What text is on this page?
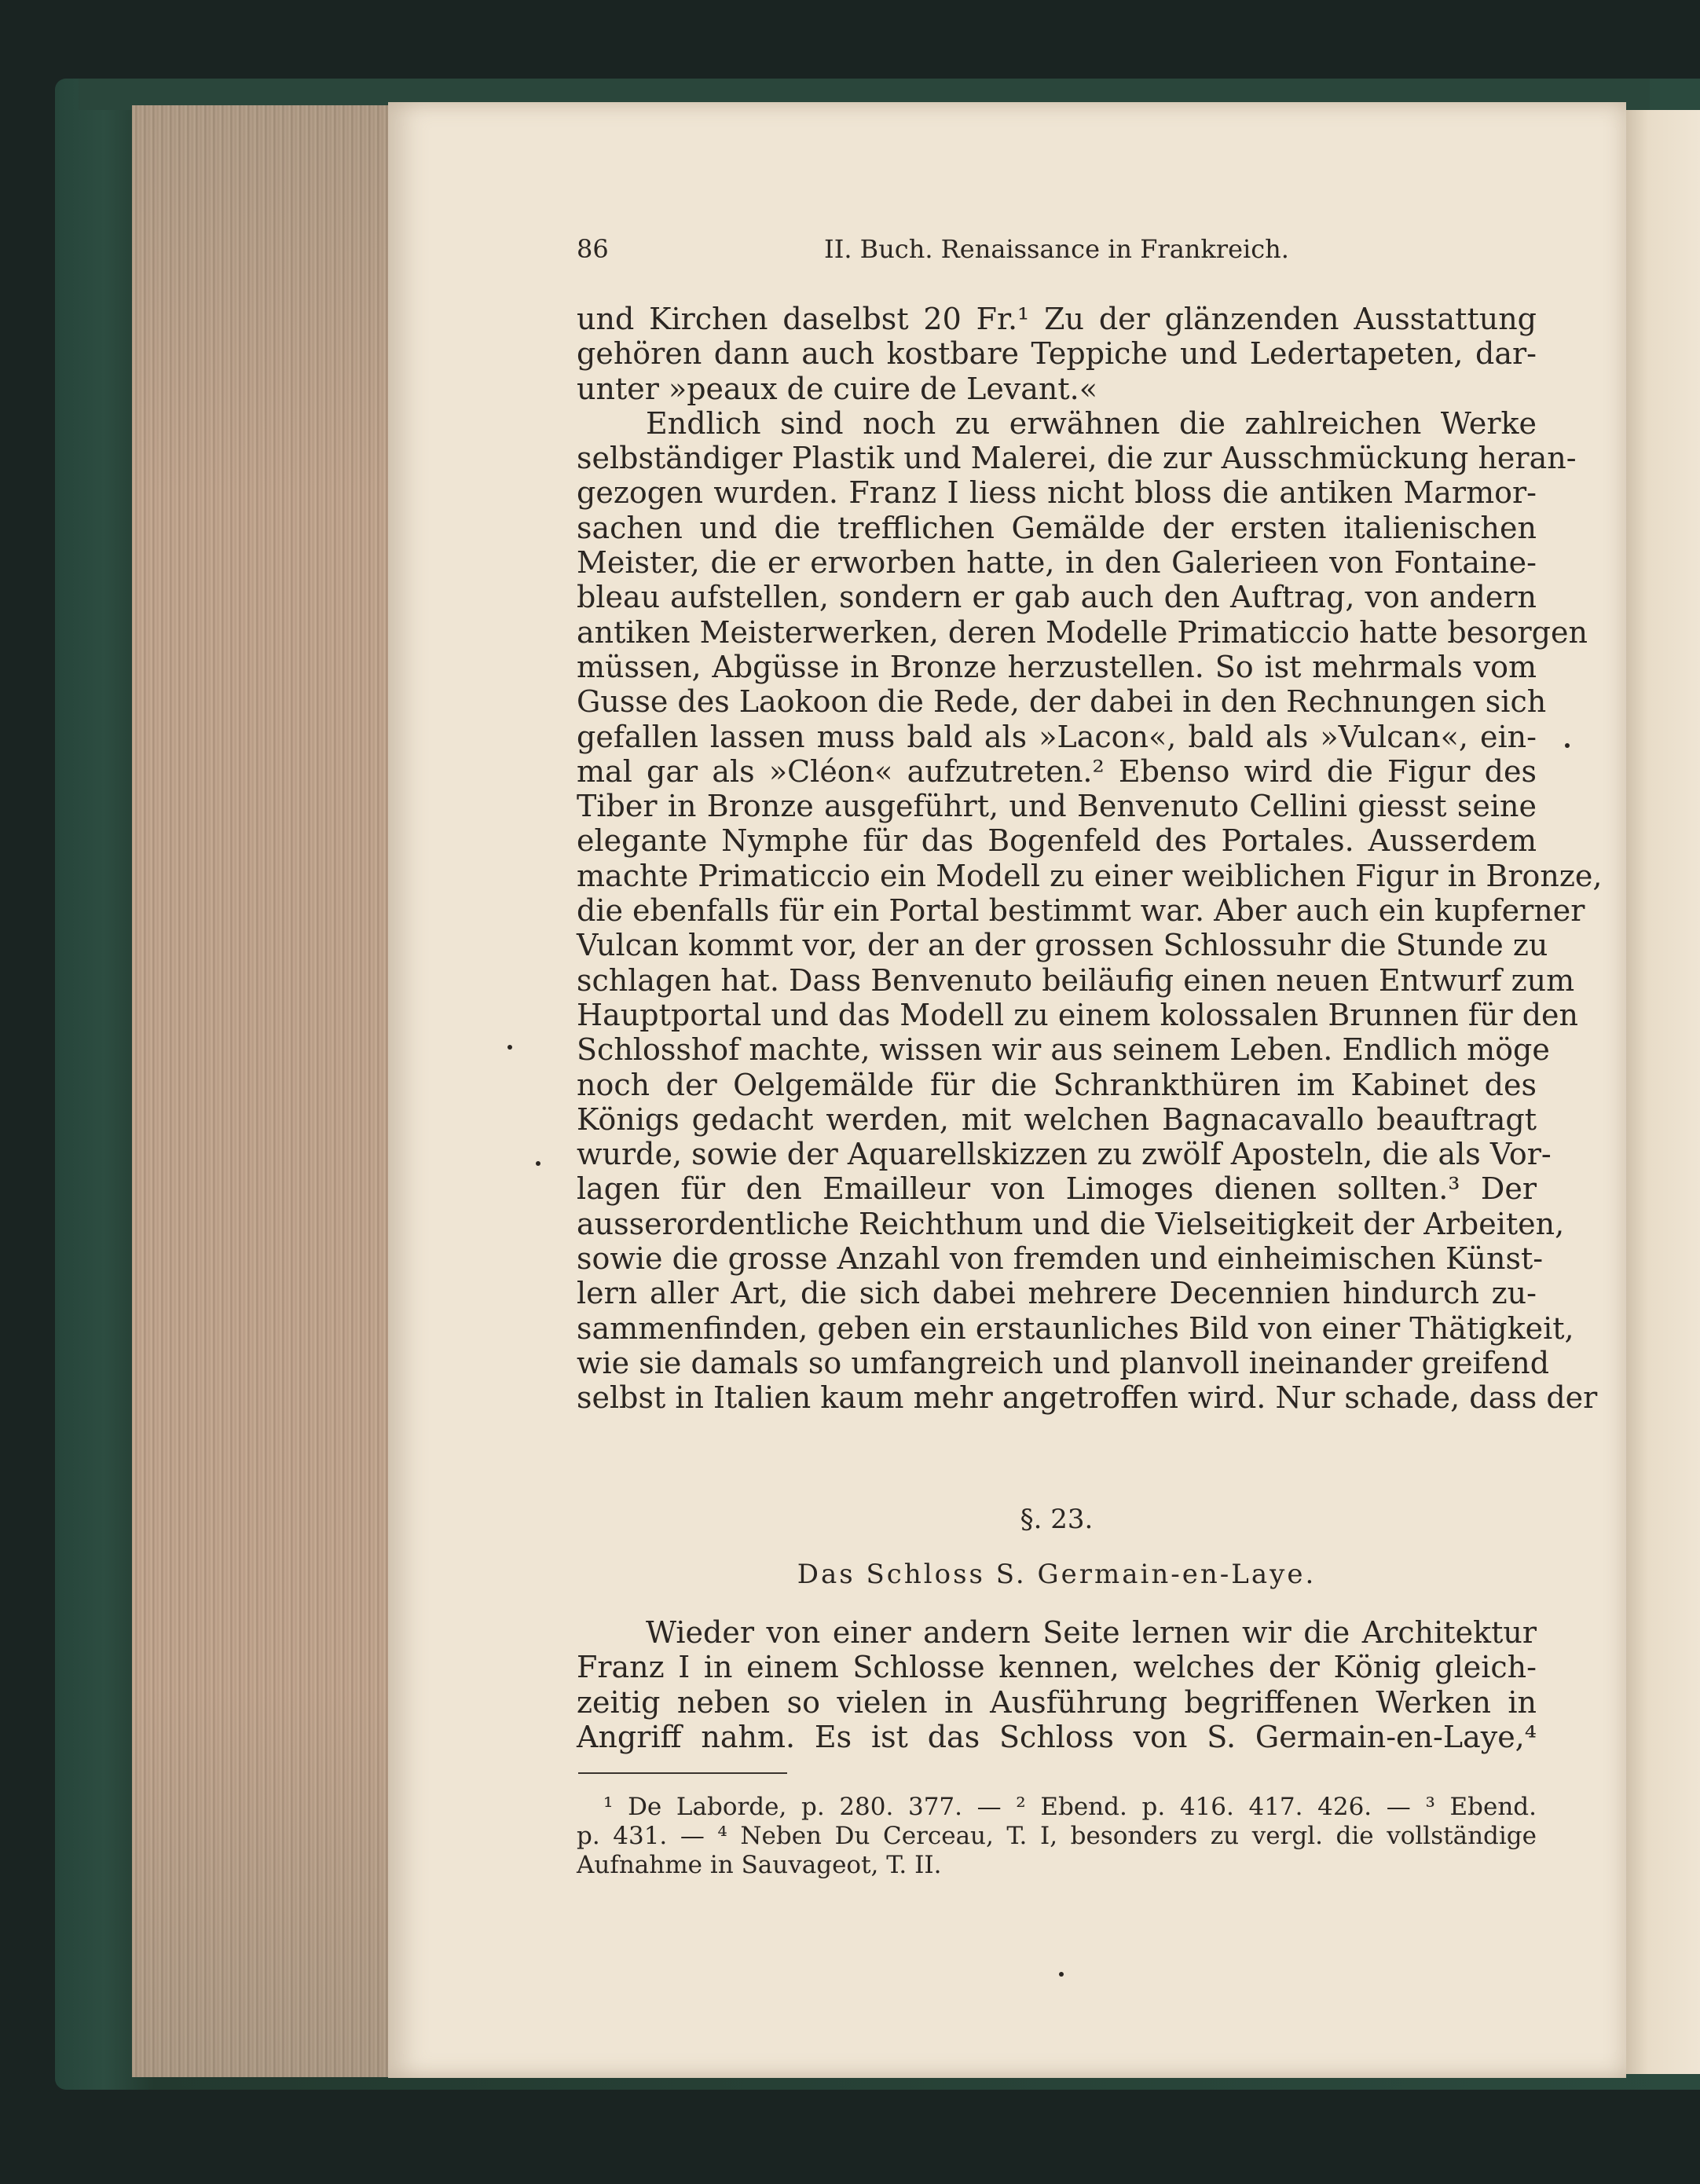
86	II. Buch. Renaissance in Frankreich.
und Kirchen daselbst 20 Fr.¹ Zu der glänzenden Ausstattung
gehören dann auch kostbare Teppiche und Ledertapeten, dar-
unter »peaux de cuire de Levant.«
Endlich sind noch zu erwähnen die zahlreichen Werke
selbständiger Plastik und Malerei, die zur Ausschmückung heran-
gezogen wurden. Franz I liess nicht bloss die antiken Marmor-
sachen und die trefflichen Gemälde der ersten italienischen
Meister, die er erworben hatte, in den Galerieen von Fontaine-
bleau aufstellen, sondern er gab auch den Auftrag, von andern
antiken Meisterwerken, deren Modelle Primaticcio hatte besorgen
müssen, Abgüsse in Bronze herzustellen. So ist mehrmals vom
Gusse des Laokoon die Rede, der dabei in den Rechnungen sich
gefallen lassen muss bald als »Lacon«, bald als »Vulcan«, ein-
mal gar als »Cléon« aufzutreten.² Ebenso wird die Figur des
Tiber in Bronze ausgeführt, und Benvenuto Cellini giesst seine
elegante Nymphe für das Bogenfeld des Portales. Ausserdem
machte Primaticcio ein Modell zu einer weiblichen Figur in Bronze,
die ebenfalls für ein Portal bestimmt war. Aber auch ein kupferner
Vulcan kommt vor, der an der grossen Schlossuhr die Stunde zu
schlagen hat. Dass Benvenuto beiläufig einen neuen Entwurf zum
Hauptportal und das Modell zu einem kolossalen Brunnen für den
Schlosshof machte, wissen wir aus seinem Leben. Endlich möge
noch der Oelgemälde für die Schrankthüren im Kabinet des
Königs gedacht werden, mit welchen Bagnacavallo beauftragt
wurde, sowie der Aquarellskizzen zu zwölf Aposteln, die als Vor-
lagen für den Emailleur von Limoges dienen sollten.³ Der
ausserordentliche Reichthum und die Vielseitigkeit der Arbeiten,
sowie die grosse Anzahl von fremden und einheimischen Künst-
lern aller Art, die sich dabei mehrere Decennien hindurch zu-
sammenfinden, geben ein erstaunliches Bild von einer Thätigkeit,
wie sie damals so umfangreich und planvoll ineinander greifend
selbst in Italien kaum mehr angetroffen wird. Nur schade, dass der
§. 23.
Das Schloss S. Germain-en-Laye.
Wieder von einer andern Seite lernen wir die Architektur
Franz I in einem Schlosse kennen, welches der König gleich-
zeitig neben so vielen in Ausführung begriffenen Werken in
Angriff nahm. Es ist das Schloss von S. Germain-en-Laye,⁴
¹ De Laborde, p. 280. 377. — ² Ebend. p. 416. 417. 426. — ³ Ebend.
p. 431. — ⁴ Neben Du Cerceau, T. I, besonders zu vergl. die vollständige
Aufnahme in Sauvageot, T. II.
